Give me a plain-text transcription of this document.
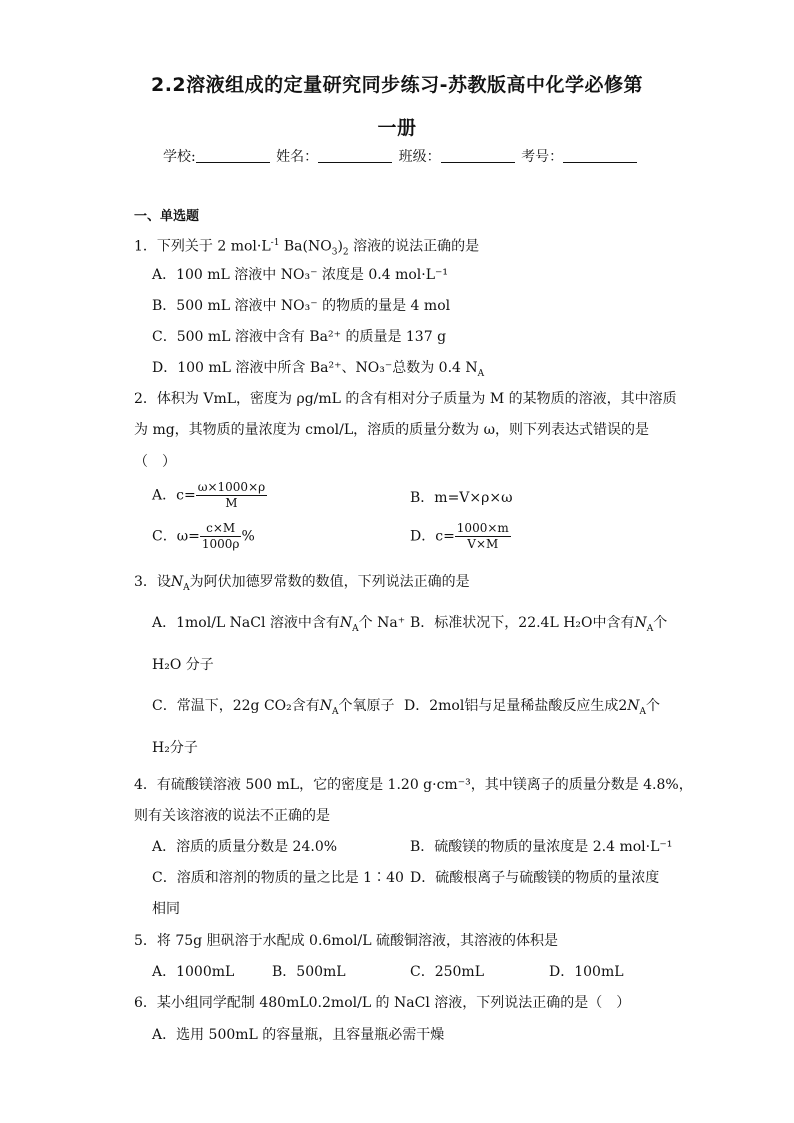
2.2溶液组成的定量研究同步练习-苏教版高中化学必修第
一册
学校:	姓名：	班级：	考号：
一、单选题
1．下列关于 2 $mol\cdot L^{-1}$ $Ba(NO_3)_2$ 溶液的说法正确的是
A．100 mL 溶液中 NO₃⁻ 浓度是 0.4 mol·L⁻¹
B．500 mL 溶液中 NO₃⁻ 的物质的量是 4 mol
C．500 mL 溶液中含有 Ba²⁺ 的质量是 137 g
D．100 mL 溶液中所含 Ba²⁺、NO₃⁻总数为 0.4 $N_A$
2．体积为 VmL，密度为 ρg/mL 的含有相对分子质量为 M 的某物质的溶液，其中溶质
为 mg，其物质的量浓度为 cmol/L，溶质的质量分数为 ω，则下列表达式错误的是
（　）
A．$c= \frac{\omega\times 1000\times\rho}{M}$	B．m=V×ρ×ω
C．$\omega= \frac{c\times M}{1000\rho}$ %	D．$c= \frac{1000\times m}{V\times M}$
3．设$N_A$为阿伏加德罗常数的数值，下列说法正确的是
A．1mol/L NaCl 溶液中含有$N_A$个 Na⁺ B．标准状况下，22.4L H₂O中含有$N_A$个
H₂O 分子
C．常温下，22g CO₂含有$N_A$个氧原子 D．2mol铝与足量稀盐酸反应生成$2N_A$个
H₂分子
4．有硫酸镁溶液 500 mL，它的密度是 1.20 g·cm⁻³，其中镁离子的质量分数是 4.8%，
则有关该溶液的说法不正确的是
A．溶质的质量分数是 24.0%	B．硫酸镁的物质的量浓度是 2.4 mol·L⁻¹
C．溶质和溶剂的物质的量之比是 1∶40 D．硫酸根离子与硫酸镁的物质的量浓度
相同
5．将 75g 胆矾溶于水配成 0.6mol/L 硫酸铜溶液，其溶液的体积是
A．1000mL	B．500mL	C．250mL	D．100mL
6．某小组同学配制 480mL0.2mol/L 的 NaCl 溶液，下列说法正确的是（　）
A．选用 500mL 的容量瓶，且容量瓶必需干燥
